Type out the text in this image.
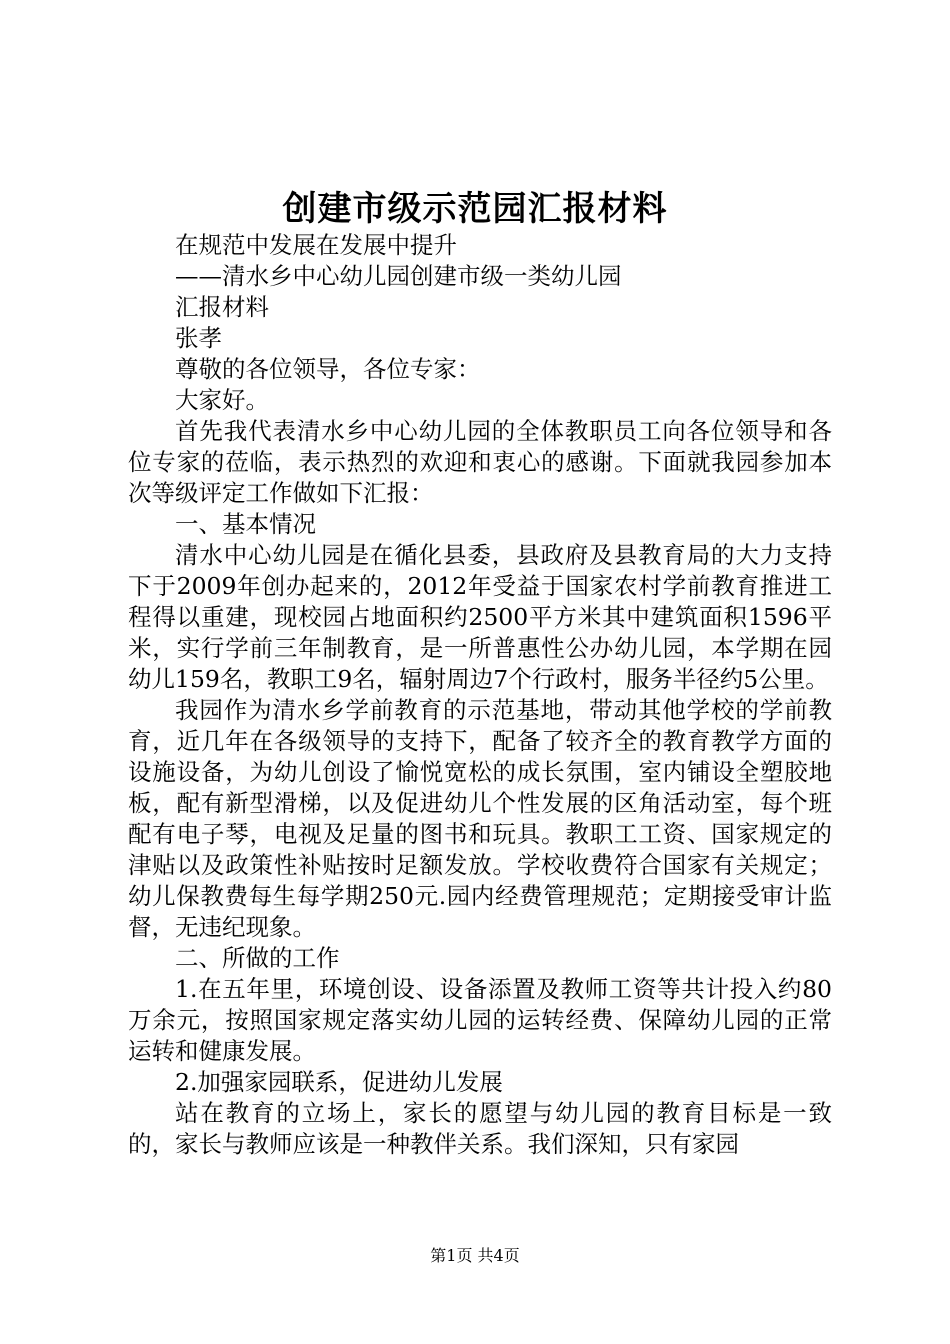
创建市级示范园汇报材料

在规范中发展在发展中提升

——清水乡中心幼儿园创建市级一类幼儿园

汇报材料

张孝

尊敬的各位领导，各位专家：

大家好。

首先我代表清水乡中心幼儿园的全体教职员工向各位领导和各位专家的莅临，表示热烈的欢迎和衷心的感谢。下面就我园参加本次等级评定工作做如下汇报：

一、基本情况

清水中心幼儿园是在循化县委，县政府及县教育局的大力支持下于2009年创办起来的，2012年受益于国家农村学前教育推进工程得以重建，现校园占地面积约2500平方米其中建筑面积1596平米，实行学前三年制教育，是一所普惠性公办幼儿园，本学期在园幼儿159名，教职工9名，辐射周边7个行政村，服务半径约5公里。

我园作为清水乡学前教育的示范基地，带动其他学校的学前教育，近几年在各级领导的支持下，配备了较齐全的教育教学方面的设施设备，为幼儿创设了愉悦宽松的成长氛围，室内铺设全塑胶地板，配有新型滑梯，以及促进幼儿个性发展的区角活动室，每个班配有电子琴，电视及足量的图书和玩具。教职工工资、国家规定的津贴以及政策性补贴按时足额发放。学校收费符合国家有关规定；幼儿保教费每生每学期250元.园内经费管理规范；定期接受审计监督，无违纪现象。

二、所做的工作

1.在五年里，环境创设、设备添置及教师工资等共计投入约80万余元，按照国家规定落实幼儿园的运转经费、保障幼儿园的正常运转和健康发展。

2.加强家园联系，促进幼儿发展

站在教育的立场上，家长的愿望与幼儿园的教育目标是一致的，家长与教师应该是一种教伴关系。我们深知，只有家园

第1页 共4页
